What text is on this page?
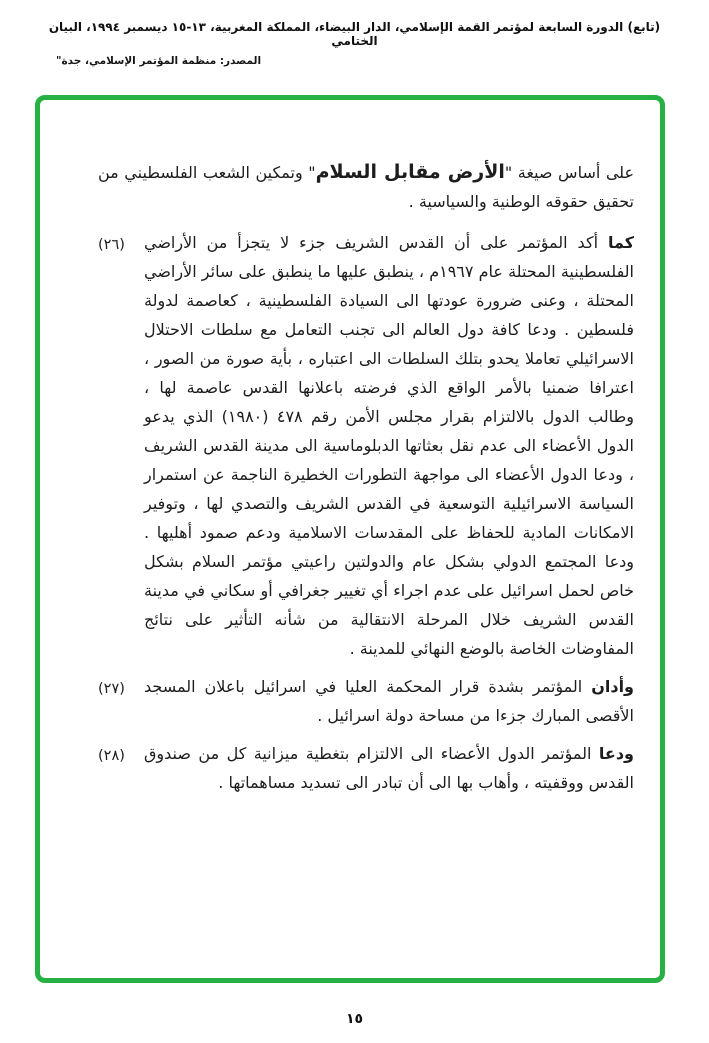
(تابع) الدورة السابعة لمؤتمر القمة الإسلامي، الدار البيضاء، المملكة المغربية، ١٣-١٥ ديسمبر ١٩٩٤، البيان الختامي
المصدر: منظمة المؤتمر الإسلامي، جدة"

على أساس صيغة "الأرض مقابل السلام" وتمكين الشعب الفلسطيني من تحقيق حقوقه الوطنية والسياسية .

(٢٦)	كما أكد المؤتمر على أن القدس الشريف جزء لا يتجزأ من الأراضي الفلسطينية المحتلة عام ١٩٦٧م ، ينطبق عليها ما ينطبق على سائر الأراضي المحتلة ، وعنى ضرورة عودتها الى السيادة الفلسطينية ، كعاصمة لدولة فلسطين . ودعا كافة دول العالم الى تجنب التعامل مع سلطات الاحتلال الاسرائيلي تعاملا يحدو بتلك السلطات الى اعتباره ، بأية صورة من الصور ، اعترافا ضمنيا بالأمر الواقع الذي فرضته باعلانها القدس عاصمة لها ، وطالب الدول بالالتزام بقرار مجلس الأمن رقم ٤٧٨ (١٩٨٠) الذي يدعو الدول الأعضاء الى عدم نقل بعثاتها الدبلوماسية الى مدينة القدس الشريف ، ودعا الدول الأعضاء الى مواجهة التطورات الخطيرة الناجمة عن استمرار السياسة الاسرائيلية التوسعية في القدس الشريف والتصدي لها ، وتوفير الامكانات المادية للحفاظ على المقدسات الاسلامية ودعم صمود أهليها . ودعا المجتمع الدولي بشكل عام والدولتين راعيتي مؤتمر السلام بشكل خاص لحمل اسرائيل على عدم اجراء أي تغيير جغرافي أو سكاني في مدينة القدس الشريف خلال المرحلة الانتقالية من شأنه التأثير على نتائج المفاوضات الخاصة بالوضع النهائي للمدينة .

(٢٧)	وأدان المؤتمر بشدة قرار المحكمة العليا في اسرائيل باعلان المسجد الأقصى المبارك جزءا من مساحة دولة اسرائيل .

(٢٨)	ودعا المؤتمر الدول الأعضاء الى الالتزام بتغطية ميزانية كل من صندوق القدس ووقفيته ، وأهاب بها الى أن تبادر الى تسديد مساهماتها .

١٥
